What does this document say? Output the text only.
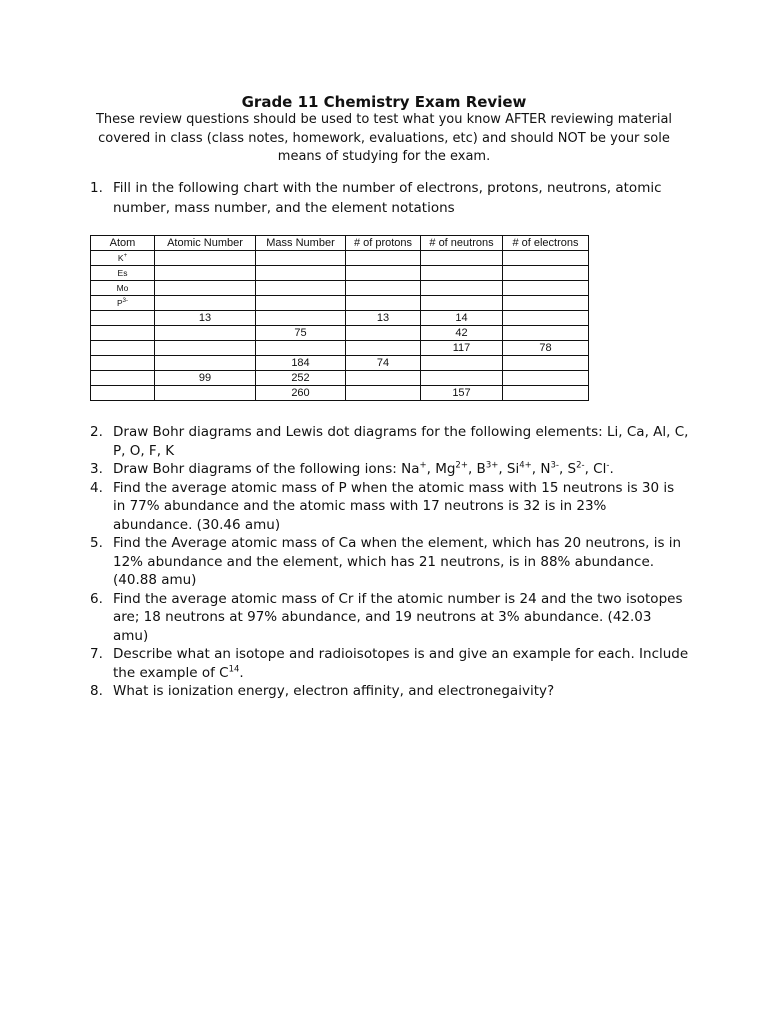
Grade 11 Chemistry Exam Review
These review questions should be used to test what you know AFTER reviewing material covered in class (class notes, homework, evaluations, etc) and should NOT be your sole means of studying for the exam.
1. Fill in the following chart with the number of electrons, protons, neutrons, atomic number, mass number, and the element notations
Atom	Atomic Number	Mass Number	# of protons	# of neutrons	# of electrons
K+					
Es					
Mo					
$P^{3-}$					
	13		13	14	
		75		42	
				117	78
		184	74		
	99	252			
		260		157	
2. Draw Bohr diagrams and Lewis dot diagrams for the following elements: Li, Ca, Al, C, P, O, F, K
3. Draw Bohr diagrams of the following ions: Na+, $Mg^{2+}$, $B^{3+}$, $Si^{4+}$, $N^{3-}$, $S^{2-}$, Cl-.
4. Find the average atomic mass of P when the atomic mass with 15 neutrons is 30 is in 77% abundance and the atomic mass with 17 neutrons is 32 is in 23% abundance. (30.46 amu)
5. Find the Average atomic mass of Ca when the element, which has 20 neutrons, is in 12% abundance and the element, which has 21 neutrons, is in 88% abundance. (40.88 amu)
6. Find the average atomic mass of Cr if the atomic number is 24 and the two isotopes are; 18 neutrons at 97% abundance, and 19 neutrons at 3% abundance. (42.03 amu)
7. Describe what an isotope and radioisotopes is and give an example for each. Include the example of $C^{14}$.
8. What is ionization energy, electron affinity, and electronegaivity?
